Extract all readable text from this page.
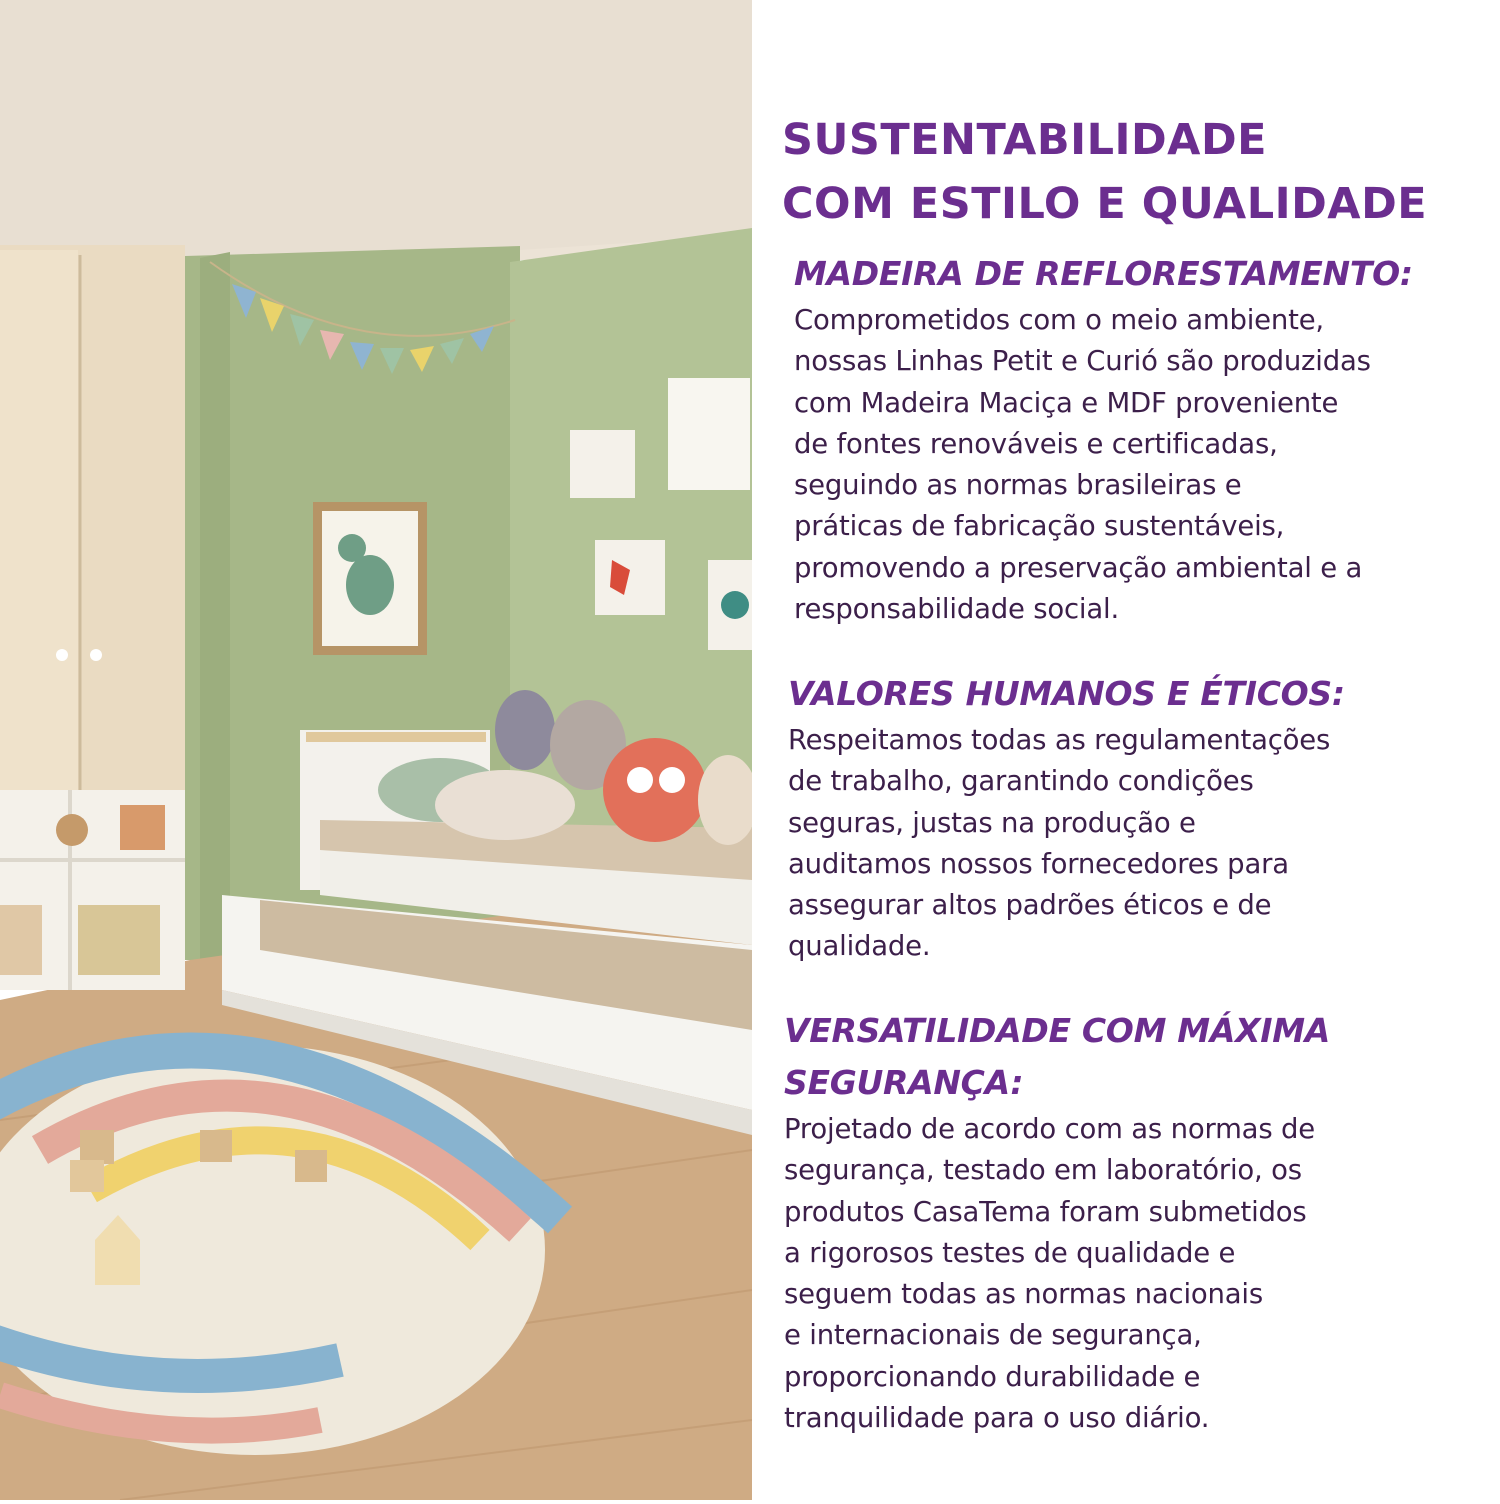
SUSTENTABILIDADE
COM ESTILO E QUALIDADE
MADEIRA DE REFLORESTAMENTO:

Comprometidos com o meio ambiente,
nossas Linhas Petit e Curió são produzidas
com Madeira Maciça e MDF proveniente
de fontes renováveis e certificadas,
seguindo as normas brasileiras e
práticas de fabricação sustentáveis,
promovendo a preservação ambiental e a
responsabilidade social.

VALORES HUMANOS E ÉTICOS:

Respeitamos todas as regulamentações
de trabalho, garantindo condições
seguras, justas na produção e
auditamos nossos fornecedores para
assegurar altos padrões éticos e de
qualidade.

VERSATILIDADE COM MÁXIMA
SEGURANÇA:

Projetado de acordo com as normas de
segurança, testado em laboratório, os
produtos CasaTema foram submetidos
a rigorosos testes de qualidade e
seguem todas as normas nacionais
e internacionais de segurança,
proporcionando durabilidade e
tranquilidade para o uso diário.
